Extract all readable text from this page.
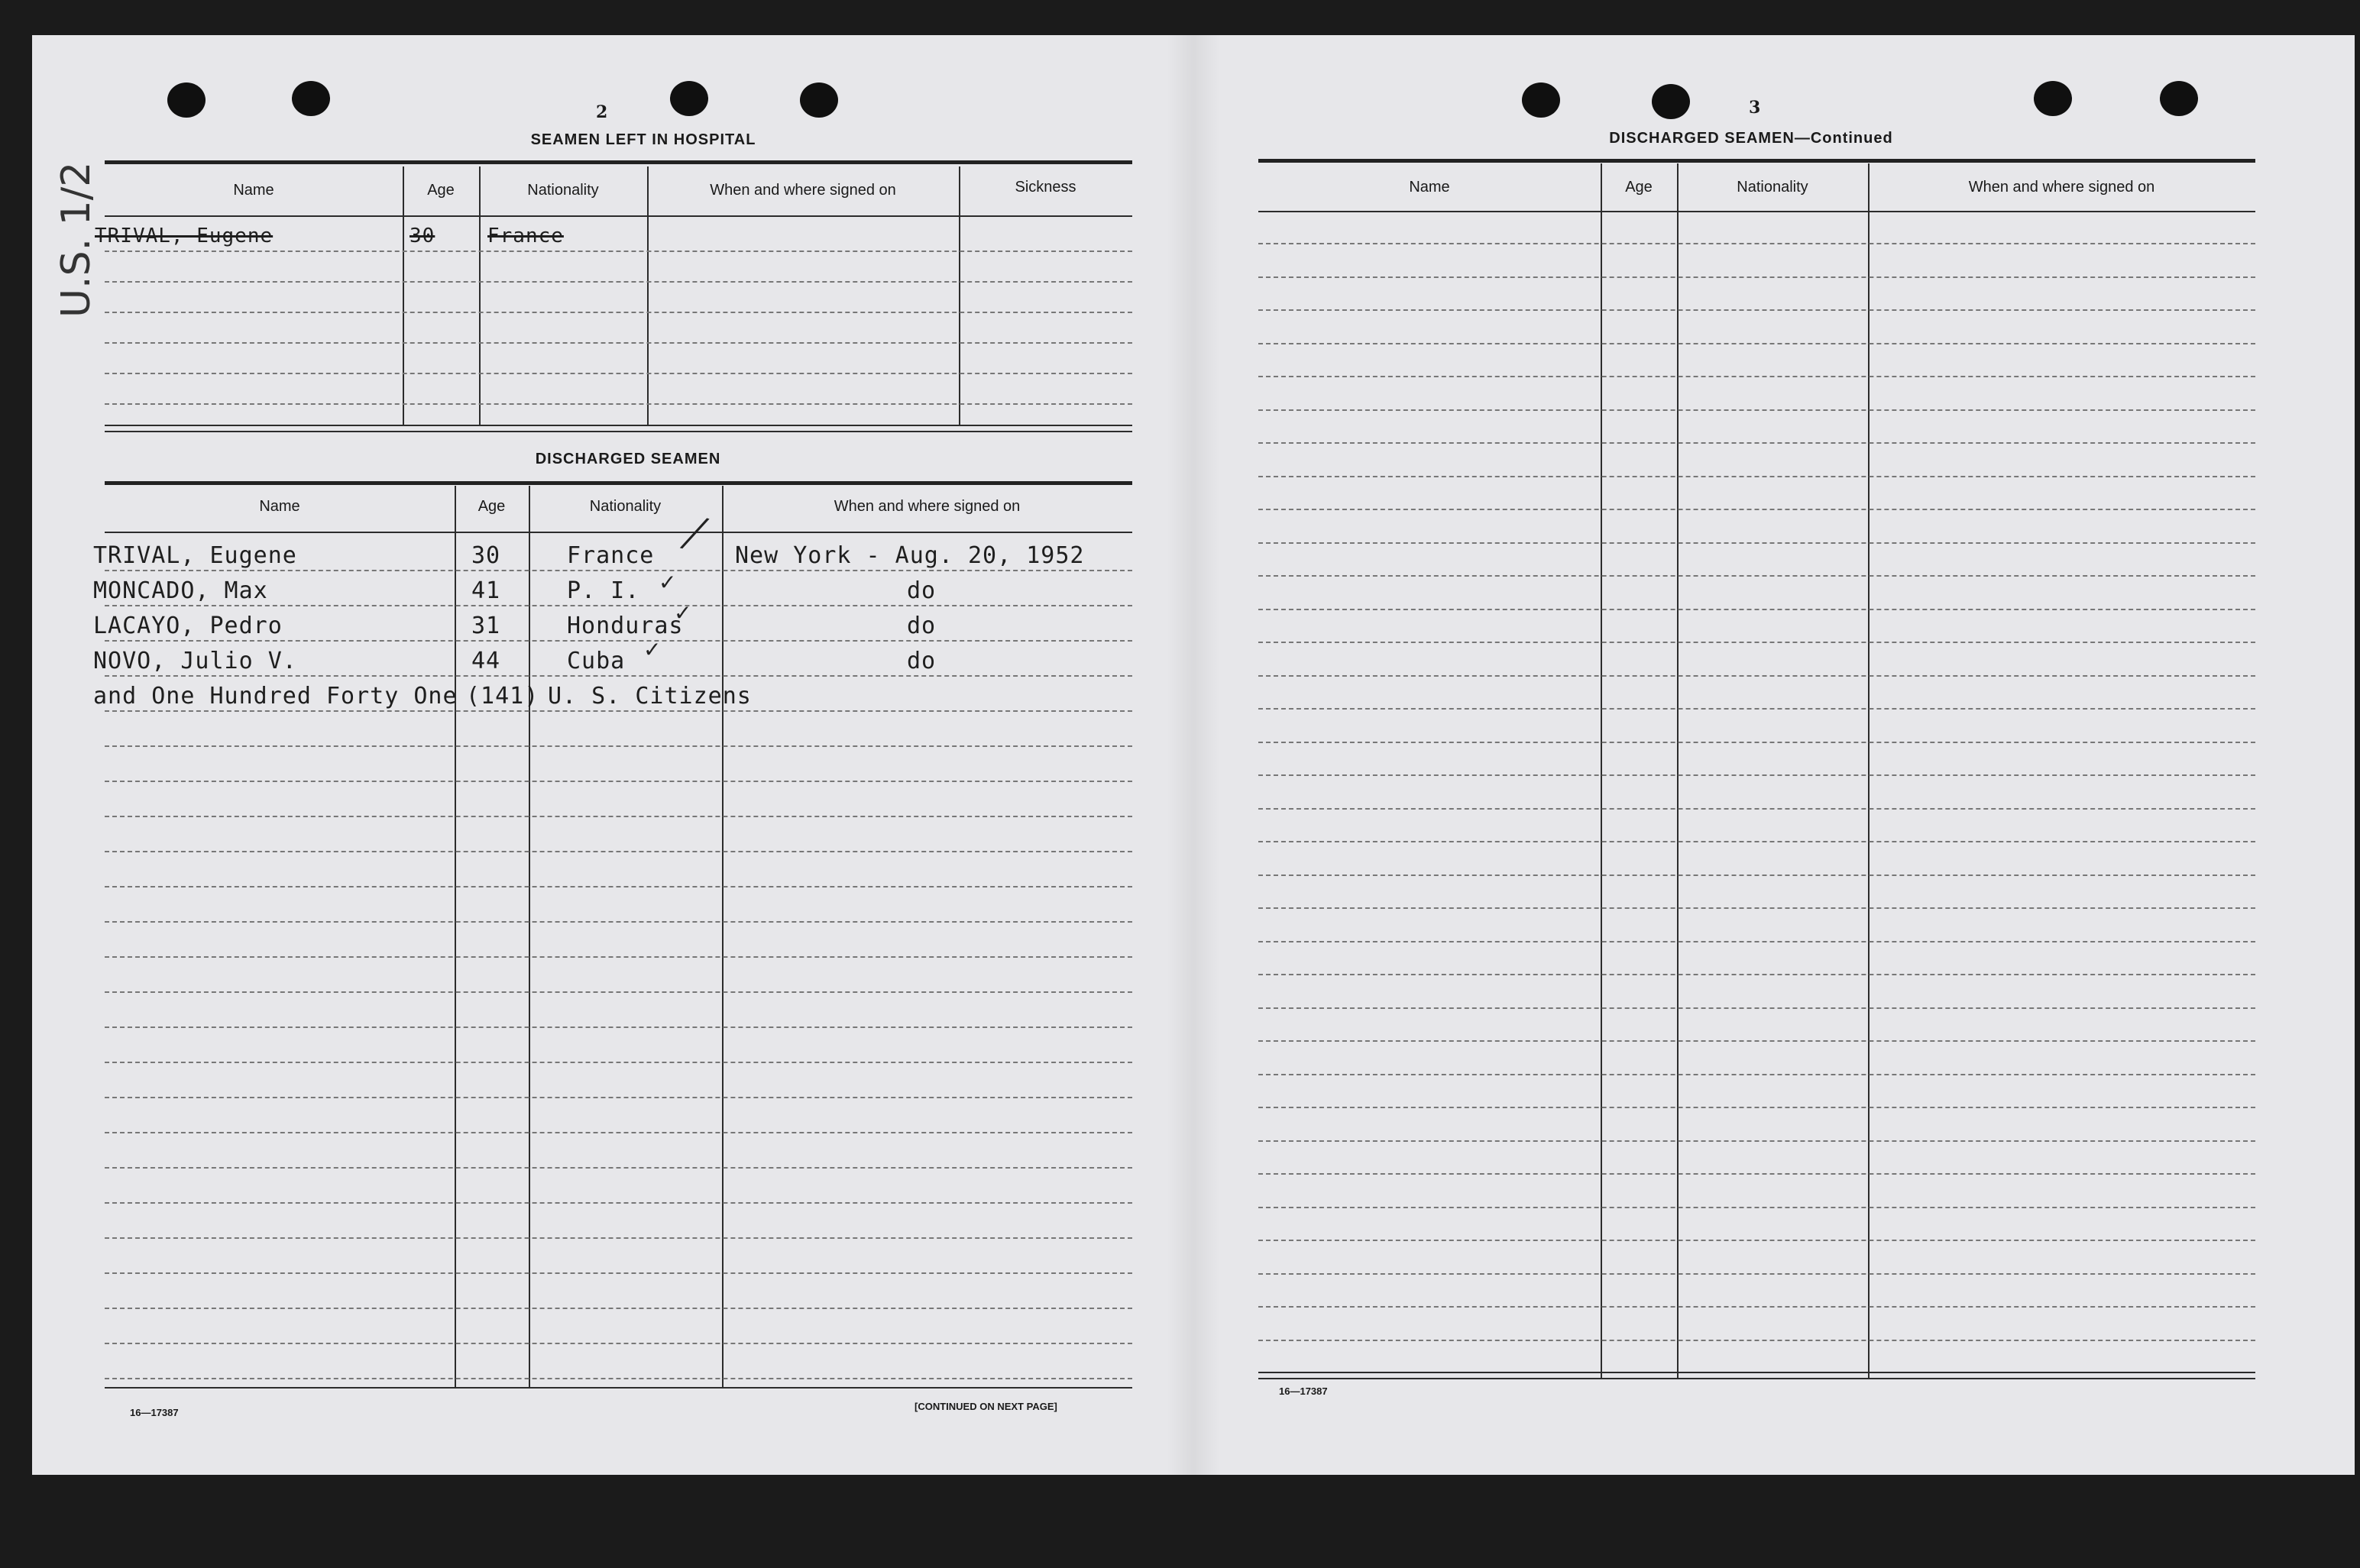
U.S. 1/2
2
SEAMEN LEFT IN HOSPITAL
Name	Age	Nationality	When and where signed on	Sickness
TRIVAL, Eugene	30	France
DISCHARGED SEAMEN
Name	Age	Nationality	When and where signed on
TRIVAL, Eugene	30	France	New York - Aug. 20, 1952
MONCADO, Max	41	P. I.	do
LACAYO, Pedro	31	Honduras	do
NOVO, Julio V.	44	Cuba	do
and One Hundred Forty One (141) U. S. Citizens
╱
✓
✓
✓
16—17387
[CONTINUED ON NEXT PAGE]
3
DISCHARGED SEAMEN—Continued
Name	Age	Nationality	When and where signed on
16—17387
